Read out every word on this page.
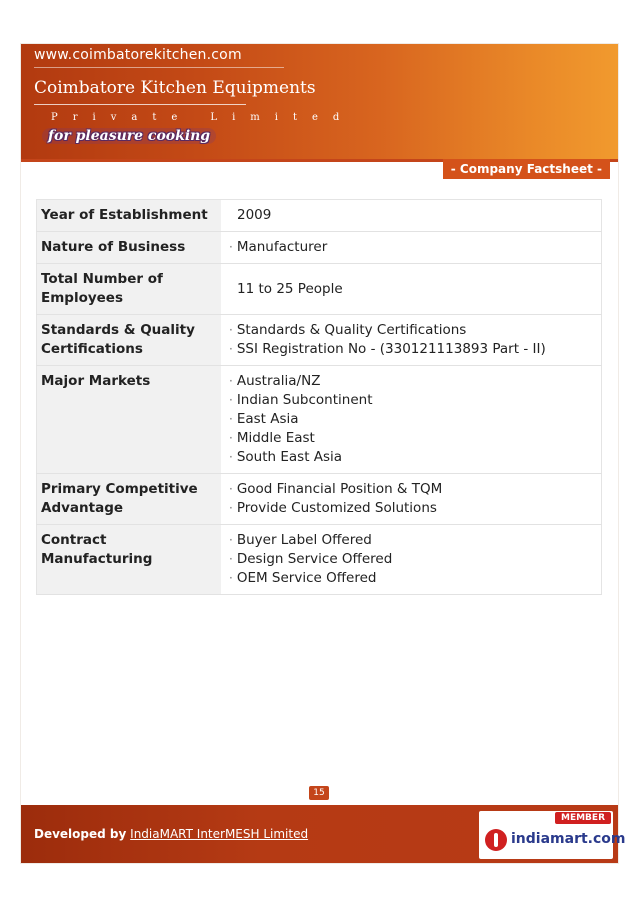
www.coimbatorekitchen.com
Coimbatore Kitchen Equipments
Private Limited
for pleasure cooking
- Company Factsheet -
Year of Establishment	2009

Nature of Business	· Manufacturer

Total Number of Employees	11 to 25 People

Standards & Quality Certifications	· Standards & Quality Certifications
· SSI Registration No - (330121113893 Part - II)

Major Markets	· Australia/NZ
· Indian Subcontinent
· East Asia
· Middle East
· South East Asia

Primary Competitive Advantage	· Good Financial Position & TQM
· Provide Customized Solutions

Contract Manufacturing	· Buyer Label Offered
· Design Service Offered
· OEM Service Offered
15
Developed by IndiaMART InterMESH Limited
MEMBER
indiamart.com
